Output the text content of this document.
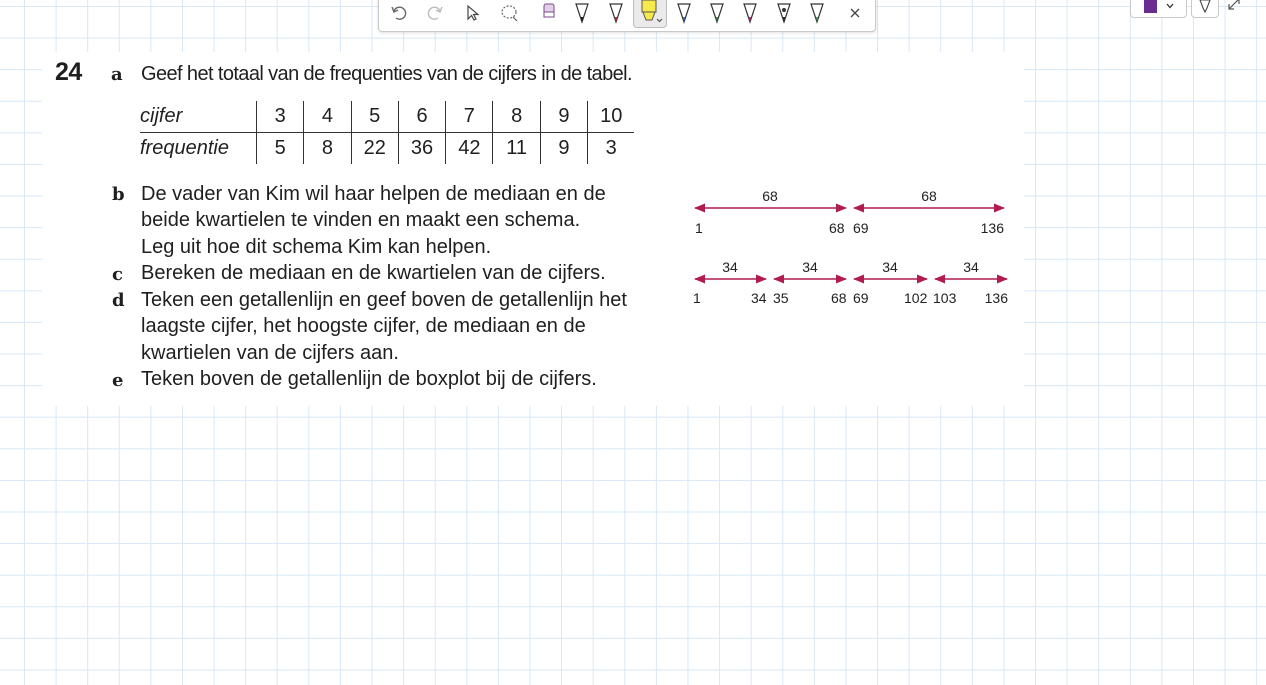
24 a Geef het totaal van de frequenties van de cijfers in de tabel.
cijfer	3	4	5	6	7	8	9	10
frequentie	5	8	22	36	42	11	9	3
b De vader van Kim wil haar helpen de mediaan en de
beide kwartielen te vinden en maakt een schema.
Leg uit hoe dit schema Kim kan helpen.
c Bereken de mediaan en de kwartielen van de cijfers.
d Teken een getallenlijn en geef boven de getallenlijn het
laagste cijfer, het hoogste cijfer, de mediaan en de
kwartielen van de cijfers aan.
e Teken boven de getallenlijn de boxplot bij de cijfers.
68	68
1	68 69	136
34	34	34	34
1	34 35	68 69	102 103 136
